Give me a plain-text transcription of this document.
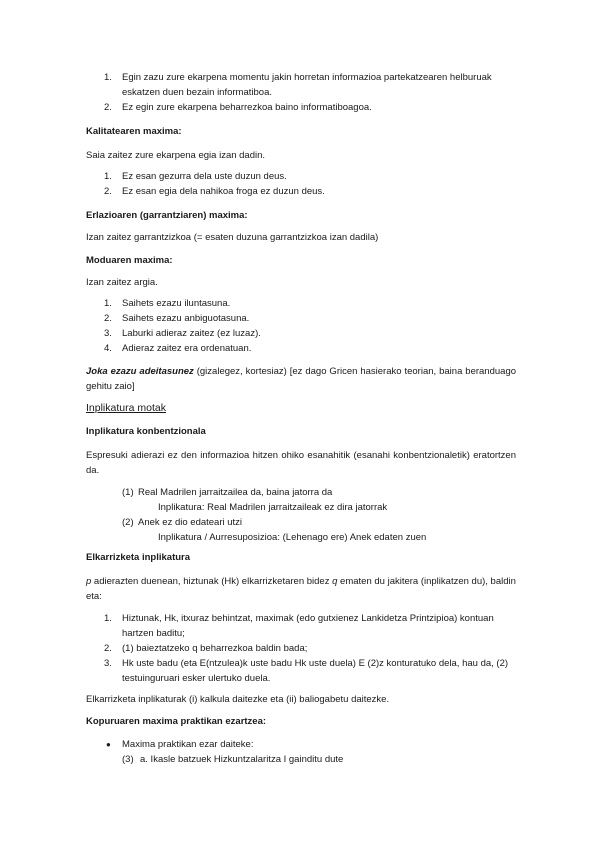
1. Egin zazu zure ekarpena momentu jakin horretan informazioa partekatzearen helburuak eskatzen duen bezain informatiboa.
2. Ez egin zure ekarpena beharrezkoa baino informatiboagoa.

Kalitatearen maxima:

Saia zaitez zure ekarpena egia izan dadin.

1. Ez esan gezurra dela uste duzun deus.
2. Ez esan egia dela nahikoa froga ez duzun deus.

Erlazioaren (garrantziaren) maxima:

Izan zaitez garrantzizkoa (= esaten duzuna garrantzizkoa izan dadila)

Moduaren maxima:

Izan zaitez argia.

1. Saihets ezazu iluntasuna.
2. Saihets ezazu anbiguotasuna.
3. Laburki adieraz zaitez (ez luzaz).
4. Adieraz zaitez era ordenatuan.

Joka ezazu adeitasunez (gizalegez, kortesiaz) [ez dago Gricen hasierako teorian, baina beranduago gehitu zaio]

Inplikatura motak

Inplikatura konbentzionala

Espresuki adierazi ez den informazioa hitzen ohiko esanahitik (esanahi konbentzionaletik) eratortzen da.

(1) Real Madrilen jarraitzailea da, baina jatorra da
Inplikatura: Real Madrilen jarraitzaileak ez dira jatorrak
(2) Anek ez dio edateari utzi
Inplikatura / Aurresuposizioa: (Lehenago ere) Anek edaten zuen

Elkarrizketa inplikatura

p adierazten duenean, hiztunak (Hk) elkarrizketaren bidez q ematen du jakitera (inplikatzen du), baldin eta:

1. Hiztunak, Hk, itxuraz behintzat, maximak (edo gutxienez Lankidetza Printzipioa) kontuan hartzen baditu;
2. (1) baieztatzeko q beharrezkoa baldin bada;
3. Hk uste badu (eta E(ntzulea)k uste badu Hk uste duela) E (2)z konturatuko dela, hau da, (2) testuinguruari esker ulertuko duela.

Elkarrizketa inplikaturak (i) kalkula daitezke eta (ii) baliogabetu daitezke.

Kopuruaren maxima praktikan ezartzea:

● Maxima praktikan ezar daiteke:
(3) a. Ikasle batzuek Hizkuntzalaritza I gainditu dute
